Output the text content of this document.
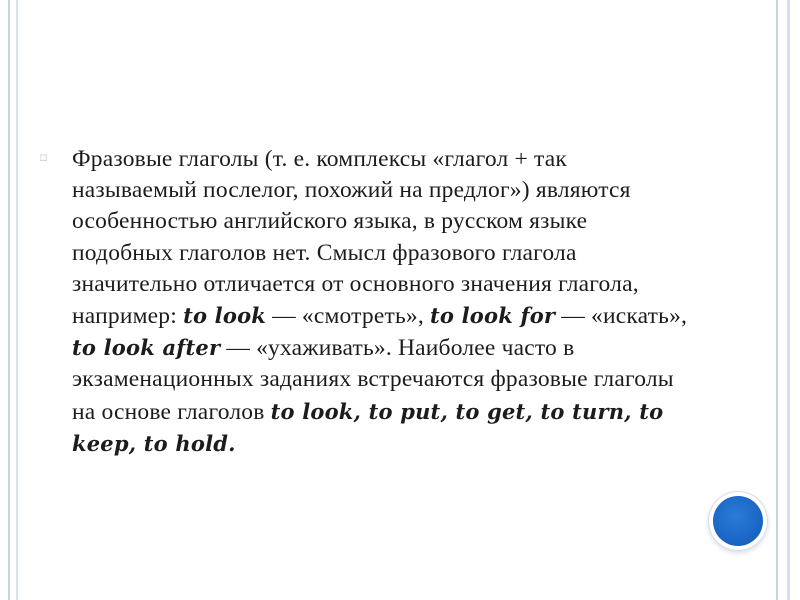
⌑	Фразовые глаголы (т. е. комплексы «глагол + так называемый послелог, похожий на предлог») являются особенностью английского языка, в русском языке подобных глаголов нет. Смысл фразового глагола значительно отличается от основного значения глагола, например: to look — «смотреть», to look for — «искать», to look after — «ухаживать». Наиболее часто в экзаменационных заданиях встречаются фразовые глаголы на основе глаголов to look, to put, to get, to turn, to keep, to hold.
